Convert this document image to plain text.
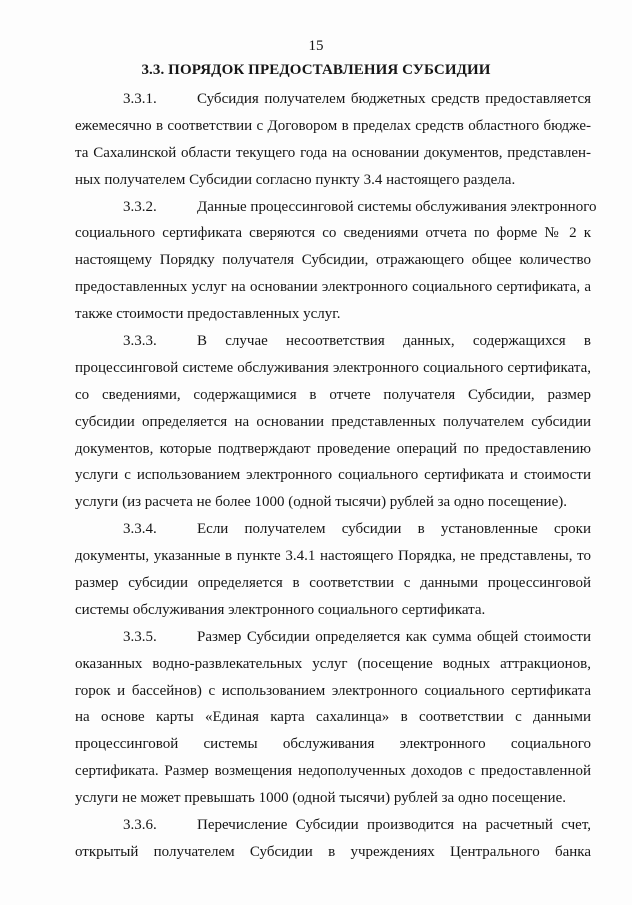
15
3.3. ПОРЯДОК ПРЕДОСТАВЛЕНИЯ СУБСИДИИ
3.3.1.	Субсидия получателем бюджетных средств предоставляется
ежемесячно в соответствии с Договором в пределах средств областного бюдже-
та Сахалинской области текущего года на основании документов, представлен-
ных получателем Субсидии согласно пункту 3.4 настоящего раздела.
3.3.2.	Данные процессинговой системы обслуживания электронного
социального сертификата сверяются со сведениями отчета по форме № 2 к
настоящему Порядку получателя Субсидии, отражающего общее количество
предоставленных услуг на основании электронного социального сертификата, а
также стоимости предоставленных услуг.
3.3.3.	В случае несоответствия данных, содержащихся в
процессинговой системе обслуживания электронного социального сертификата,
со сведениями, содержащимися в отчете получателя Субсидии, размер
субсидии определяется на основании представленных получателем субсидии
документов, которые подтверждают проведение операций по предоставлению
услуги с использованием электронного социального сертификата и стоимости
услуги (из расчета не более 1000 (одной тысячи) рублей за одно посещение).
3.3.4.	Если получателем субсидии в установленные сроки
документы, указанные в пункте 3.4.1 настоящего Порядка, не представлены, то
размер субсидии определяется в соответствии с данными процессинговой
системы обслуживания электронного социального сертификата.
3.3.5.	Размер Субсидии определяется как сумма общей стоимости
оказанных водно-развлекательных услуг (посещение водных аттракционов,
горок и бассейнов) с использованием электронного социального сертификата
на основе карты «Единая карта сахалинца» в соответствии с данными
процессинговой системы обслуживания электронного социального
сертификата. Размер возмещения недополученных доходов с предоставленной
услуги не может превышать 1000 (одной тысячи) рублей за одно посещение.
3.3.6.	Перечисление Субсидии производится на расчетный счет,
открытый получателем Субсидии в учреждениях Центрального банка
